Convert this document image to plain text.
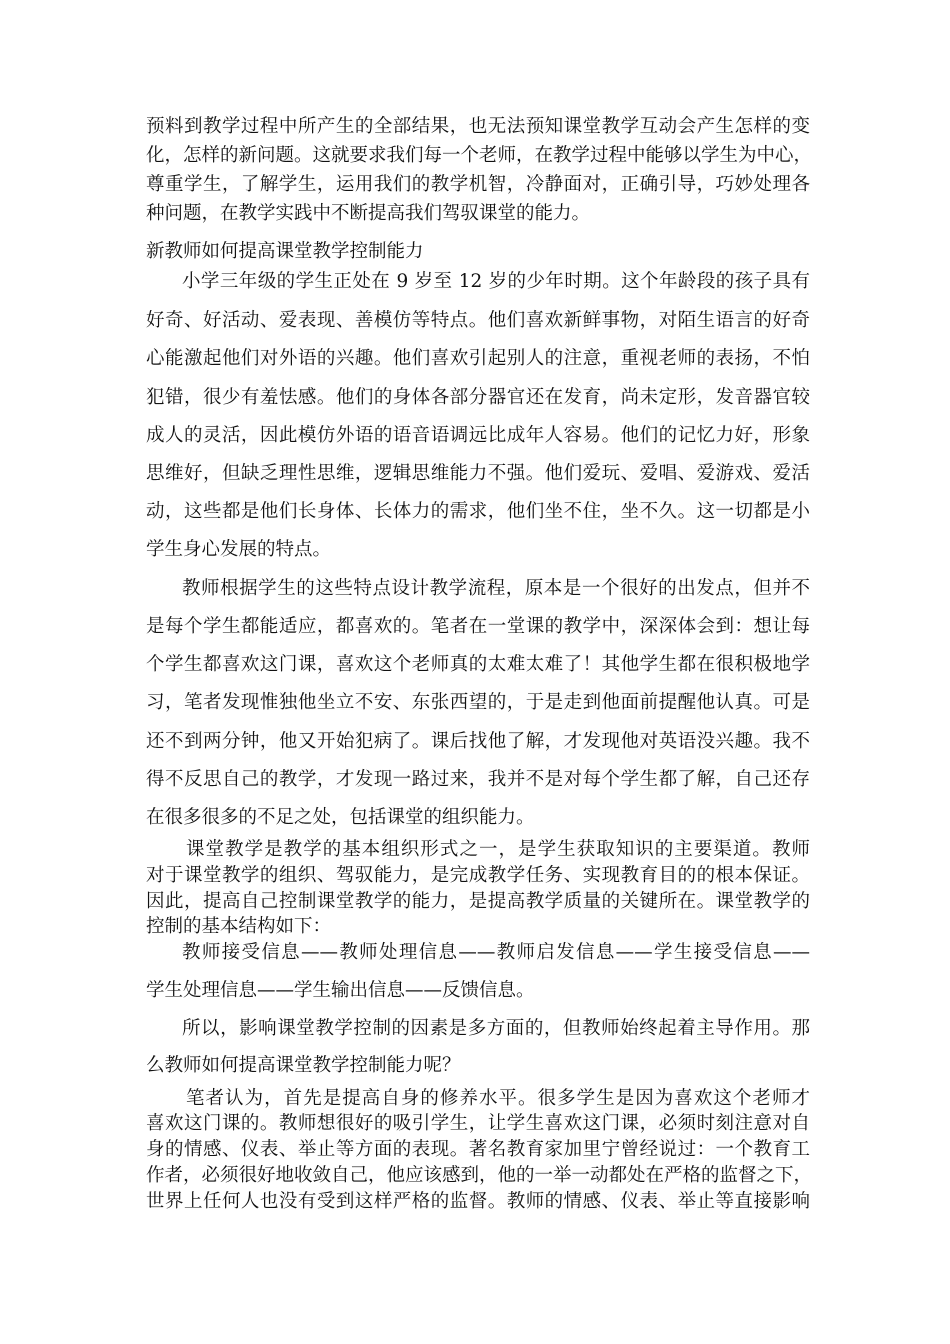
预料到教学过程中所产生的全部结果，也无法预知课堂教学互动会产生怎样的变
化，怎样的新问题。这就要求我们每一个老师，在教学过程中能够以学生为中心，
尊重学生，了解学生，运用我们的教学机智，冷静面对，正确引导，巧妙处理各
种问题，在教学实践中不断提高我们驾驭课堂的能力。
新教师如何提高课堂教学控制能力
小学三年级的学生正处在 9 岁至 12 岁的少年时期。这个年龄段的孩子具有
好奇、好活动、爱表现、善模仿等特点。他们喜欢新鲜事物，对陌生语言的好奇
心能激起他们对外语的兴趣。他们喜欢引起别人的注意，重视老师的表扬，不怕
犯错，很少有羞怯感。他们的身体各部分器官还在发育，尚未定形，发音器官较
成人的灵活，因此模仿外语的语音语调远比成年人容易。他们的记忆力好，形象
思维好，但缺乏理性思维，逻辑思维能力不强。他们爱玩、爱唱、爱游戏、爱活
动，这些都是他们长身体、长体力的需求，他们坐不住，坐不久。这一切都是小
学生身心发展的特点。
教师根据学生的这些特点设计教学流程，原本是一个很好的出发点，但并不
是每个学生都能适应，都喜欢的。笔者在一堂课的教学中，深深体会到：想让每
个学生都喜欢这门课，喜欢这个老师真的太难太难了！其他学生都在很积极地学
习，笔者发现惟独他坐立不安、东张西望的，于是走到他面前提醒他认真。可是
还不到两分钟，他又开始犯病了。课后找他了解，才发现他对英语没兴趣。我不
得不反思自己的教学，才发现一路过来，我并不是对每个学生都了解，自己还存
在很多很多的不足之处，包括课堂的组织能力。
课堂教学是教学的基本组织形式之一，是学生获取知识的主要渠道。教师
对于课堂教学的组织、驾驭能力，是完成教学任务、实现教育目的的根本保证。
因此，提高自己控制课堂教学的能力，是提高教学质量的关键所在。课堂教学的
控制的基本结构如下：
教师接受信息——教师处理信息——教师启发信息——学生接受信息——
学生处理信息——学生输出信息——反馈信息。
所以，影响课堂教学控制的因素是多方面的，但教师始终起着主导作用。那
么教师如何提高课堂教学控制能力呢？
笔者认为，首先是提高自身的修养水平。很多学生是因为喜欢这个老师才
喜欢这门课的。教师想很好的吸引学生，让学生喜欢这门课，必须时刻注意对自
身的情感、仪表、举止等方面的表现。著名教育家加里宁曾经说过：一个教育工
作者，必须很好地收敛自己，他应该感到，他的一举一动都处在严格的监督之下，
世界上任何人也没有受到这样严格的监督。教师的情感、仪表、举止等直接影响
